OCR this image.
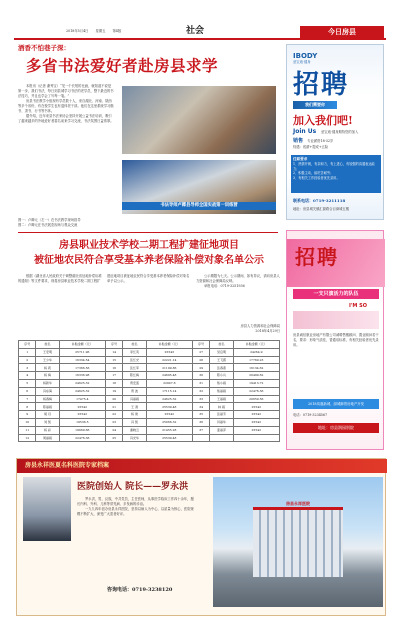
2018年5月4日 星期五 第4版	社会	今日房县
酒香不怕巷子深：
多省书法爱好者赴房县求学

本报讯（记者 谢秀宝）“见一个长短的比画，就知道不说是第一步，我们书法，每日到县城学习书法的老学员，整下最近的书法技巧，并且也学会了写每一笔。”

房县书法教学小组现有学员数十人，来自湖北、河南、陕西等多个省份，有在校学生也有退休老干部。他们在这里系统学习楷书、隶书、行书等书体。

据介绍，近年来县书法家协会坚持开展公益书法培训，吸引了越来越多的外地爱好者慕名前来学习交流，书法氛围日益浓厚。

书法导师卢卿县导师全国实战第一训练营
图一：卢卿元（左一）在书法教学现场指导
图二：卢卿元在书法展览现场与观众交流
房县职业技术学校二期工程扩建征地项目
被征地农民符合享受基本养老保险补偿对象名单公示

根据《湖北省人民政府关于调整湖北省征地补偿标准的通知》等文件要求，现将房县职业技术学校二期工程扩建征地项目被征地农民符合享受基本养老保险补偿对象名单予以公示。

公示期限为七天。公示期间，如有异议，请向房县人力资源和社会保障局反映。

举报电话：0719-3251936

房县人力资源和社会保障局
2018年4月29日
序号	姓名	补贴金额（元）	序号	姓名	补贴金额（元）	序号	姓名	补贴金额（元）
1	王宏明	25711.96	14	李红英	25543	27	吴启明	24264.9
2	王少华	16334.54	15	张红光	22221.14	28	王飞霞	17769.23
3	杨 莉	17366.56	16	张红军	21199.86	29	张春燕	16134.62
4	杨 梅	16336.98	17	陈红梅	24695.48	30	陈小兵	20499.62
5	杨新华	24625.32	18	贾安莲	22907.8	31	熊小娟	19413.72
6	冯东海	24625.32	19	贾 波	17115.14	32	熊丽娟	22476.36
7	杨春梅	17475.4	20	冯丽娟	24625.32	33	王丽娟	20659.56
8	陈丽娟	25542	21	王 清	25539.48	34	林 娟	25542
9	胡 丹	25542	22	杨 建	25542	35	张丽芳	25542
10	刘 凯	19536.5	23	冯 凯	25066.32	36	肖丽华	25542
11	杨 彩	19669.66	24	谢晓云	21455.28	37	姜丽萍	25542
12	周丽娟	22476.36	25	冯光华	25539.48			
IBODY
爱宝迪·健身
招聘
我们需要你
加入我们吧!
Join Us 爱宝迪·健身期待您的加入
销售 专业薪资18-32岁
待遇：底薪+提成+五险
任职要求
1、热情开朗，有亲和力，有上进心，有较强的沟通表达能力；
2、积极主动，能吃苦耐劳；
3、有相关工作经验者优先录用。
联系电话：0719-3211118
地址：房县城关镇汇源路合百商城五楼
招聘
一支只演活力的队伍
I'M SO
房县诚信康业房地产有限公司诚聘售楼顾问、置业顾问若干名，要求：形象气质佳，普通话标准，有相关经验者优先录用。
2018凤凰新城、绿城御景房地产开发
电话：0719-3234567
地址：房县润园别院
房县永祥医夏名科医院专家档案
医院创始人 院长——罗永洪

罗永洪，男，汉族，中共党员，主任医师，从事医学临床工作四十余年，擅长内科、外科、儿科等常见病、多发病的诊治。

一九九四年创办房县永祥医院，坚持以病人为中心，以质量为核心，医院规模不断扩大，深受广大患者好评。

咨询电话：0719-3238120
房县永祥医院
